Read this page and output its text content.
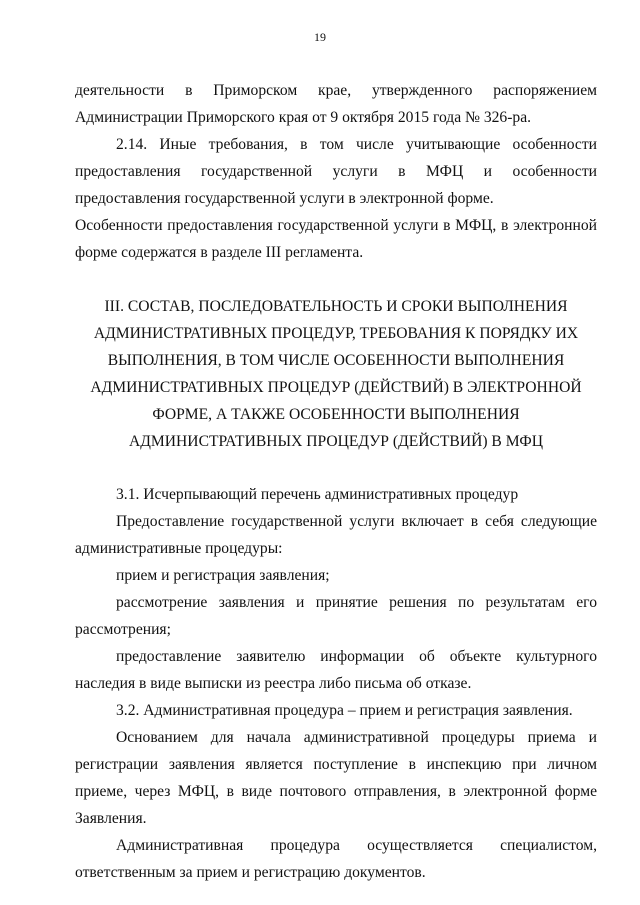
19

деятельности в Приморском крае, утвержденного распоряжением Администрации Приморского края от 9 октября 2015 года № 326-ра.

2.14. Иные требования, в том числе учитывающие особенности предоставления государственной услуги в МФЦ и особенности предоставления государственной услуги в электронной форме.

Особенности предоставления государственной услуги в МФЦ, в электронной форме содержатся в разделе III регламента.

III. СОСТАВ, ПОСЛЕДОВАТЕЛЬНОСТЬ И СРОКИ ВЫПОЛНЕНИЯ АДМИНИСТРАТИВНЫХ ПРОЦЕДУР, ТРЕБОВАНИЯ К ПОРЯДКУ ИХ ВЫПОЛНЕНИЯ, В ТОМ ЧИСЛЕ ОСОБЕННОСТИ ВЫПОЛНЕНИЯ АДМИНИСТРАТИВНЫХ ПРОЦЕДУР (ДЕЙСТВИЙ) В ЭЛЕКТРОННОЙ ФОРМЕ, А ТАКЖЕ ОСОБЕННОСТИ ВЫПОЛНЕНИЯ АДМИНИСТРАТИВНЫХ ПРОЦЕДУР (ДЕЙСТВИЙ) В МФЦ

3.1. Исчерпывающий перечень административных процедур

Предоставление государственной услуги включает в себя следующие административные процедуры:

прием и регистрация заявления;

рассмотрение заявления и принятие решения по результатам его рассмотрения;

предоставление заявителю информации об объекте культурного наследия в виде выписки из реестра либо письма об отказе.

3.2. Административная процедура – прием и регистрация заявления.

Основанием для начала административной процедуры приема и регистрации заявления является поступление в инспекцию при личном приеме, через МФЦ, в виде почтового отправления, в электронной форме Заявления.

Административная процедура осуществляется специалистом, ответственным за прием и регистрацию документов.
